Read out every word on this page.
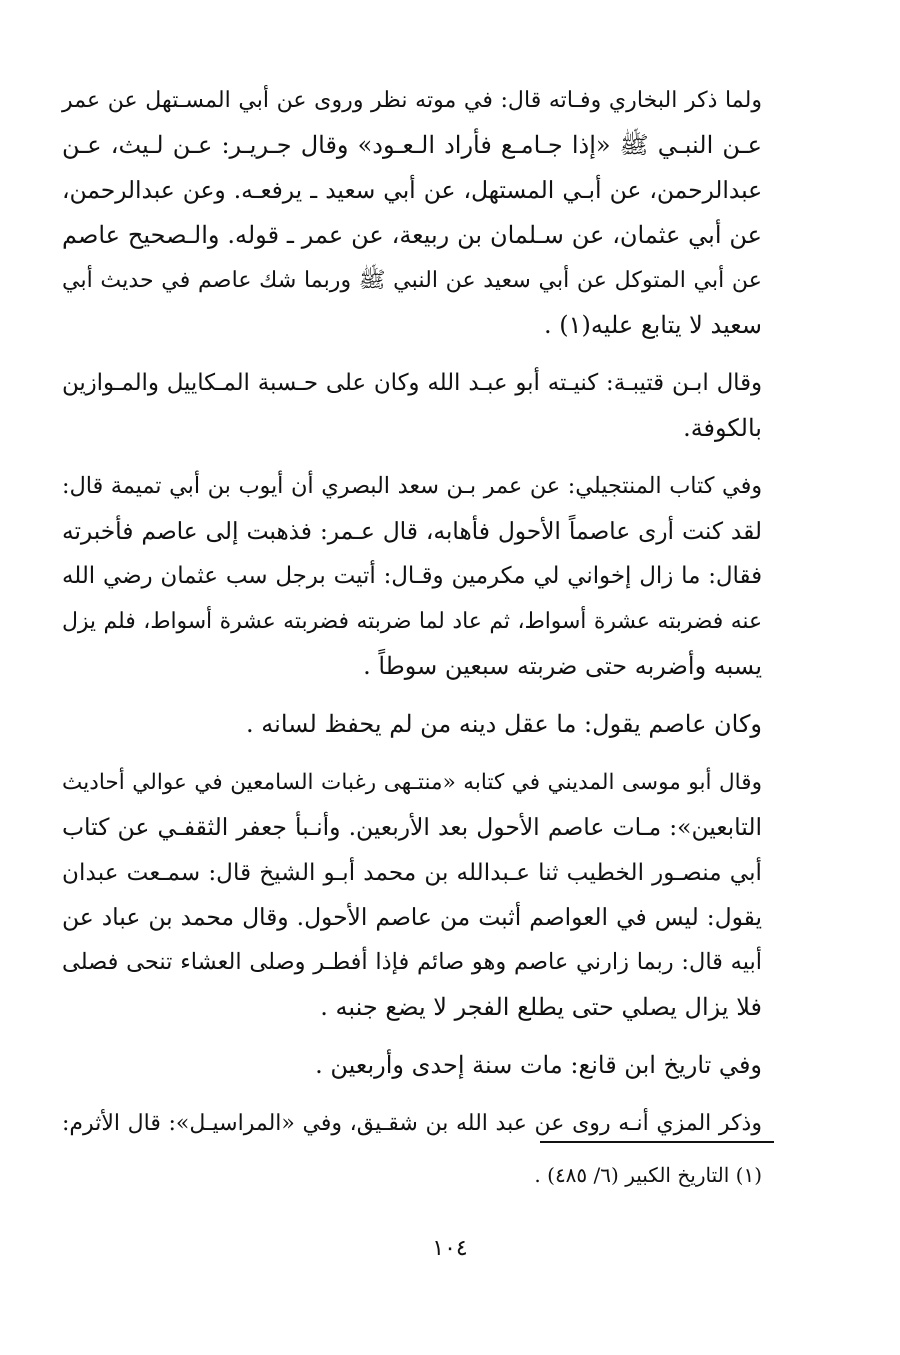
ولما ذكر البخاري وفـاته قال: في موته نظر وروى عن أبي المسـتهل عن عمر
عـن النبـي ﷺ «إذا جـامـع فأراد الـعـود» وقال جـريـر: عـن لـيث، عـن
عبدالرحمن، عن أبـي المستهل، عن أبي سعيد ـ يرفعـه. وعن عبدالرحمن،
عن أبي عثمان، عن سـلمان بن ربيعة، عن عمر ـ قوله. والـصحيح عاصم
عن أبي المتوكل عن أبي سعيد عن النبي ﷺ وربما شك عاصم في حديث أبي
سعيد لا يتابع عليه(١) .
وقال ابـن قتيبـة: كنيـته أبو عبـد الله وكان على حـسبة المـكاييل والمـوازين
بالكوفة.
وفي كتاب المنتجيلي: عن عمر بـن سعد البصري أن أيوب بن أبي تميمة قال:
لقد كنت أرى عاصماً الأحول فأهابه، قال عـمر: فذهبت إلى عاصم فأخبرته
فقال: ما زال إخواني لي مكرمين وقـال: أتيت برجل سب عثمان رضي الله
عنه فضربته عشرة أسواط، ثم عاد لما ضربته فضربته عشرة أسواط، فلم يزل
يسبه وأضربه حتى ضربته سبعين سوطاً .
وكان عاصم يقول: ما عقل دينه من لم يحفظ لسانه .
وقال أبو موسى المديني في كتابه «منتـهى رغبات السامعين في عوالي أحاديث
التابعين»: مـات عاصم الأحول بعد الأربعين. وأنـبأ جعفر الثقفـي عن كتاب
أبي منصـور الخطيب ثنا عـبدالله بن محمد أبـو الشيخ قال: سمـعت عبدان
يقول: ليس في العواصم أثبت من عاصم الأحول. وقال محمد بن عباد عن
أبيه قال: ربما زارني عاصم وهو صائم فإذا أفطـر وصلى العشاء تنحى فصلى
فلا يزال يصلي حتى يطلع الفجر لا يضع جنبه .
وفي تاريخ ابن قانع: مات سنة إحدى وأربعين .
وذكر المزي أنـه روى عن عبد الله بن شقـيق، وفي «المراسيـل»: قال الأثرم:
(١) التاريخ الكبير (٦/ ٤٨٥) .
١٠٤
